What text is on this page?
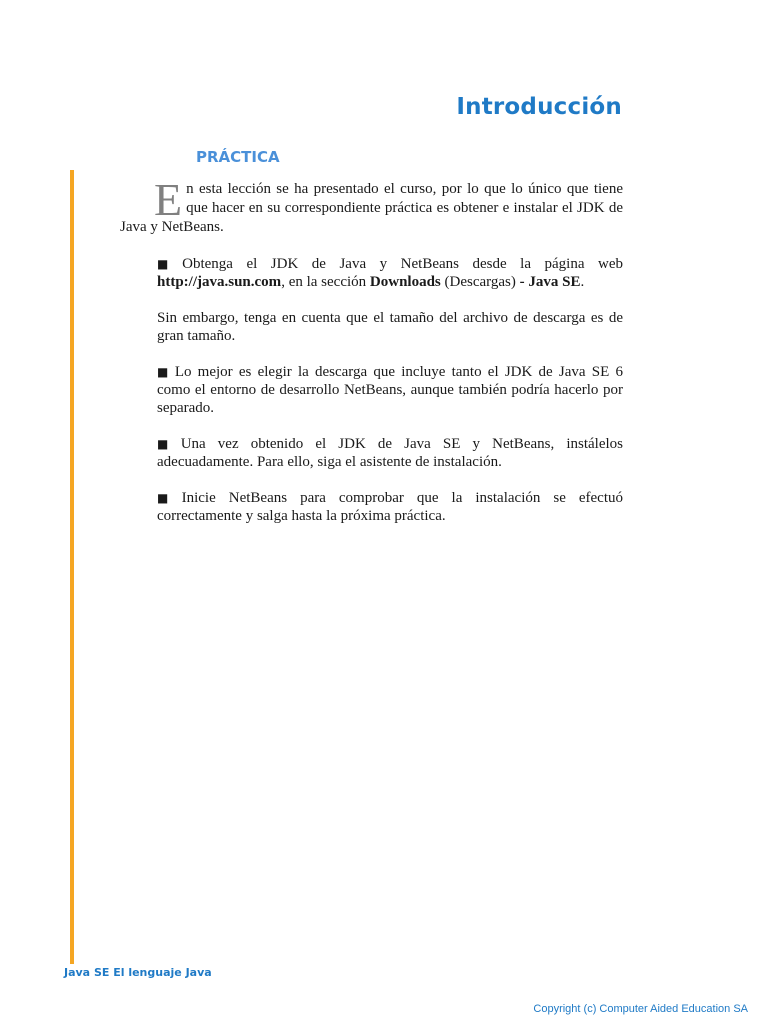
Introducción
PRÁCTICA
En esta lección se ha presentado el curso, por lo que lo único que tiene que hacer en su correspondiente práctica es obtener e instalar el JDK de Java y NetBeans.

■ Obtenga el JDK de Java y NetBeans desde la página web http://java.sun.com, en la sección Downloads (Descargas) - Java SE.

Sin embargo, tenga en cuenta que el tamaño del archivo de descarga es de gran tamaño.

■ Lo mejor es elegir la descarga que incluye tanto el JDK de Java SE 6 como el entorno de desarrollo NetBeans, aunque también podría hacerlo por separado.

■ Una vez obtenido el JDK de Java SE y NetBeans, instálelos adecuadamente. Para ello, siga el asistente de instalación.

■ Inicie NetBeans para comprobar que la instalación se efectuó correctamente y salga hasta la próxima práctica.

Java SE El lenguaje Java
Copyright (c) Computer Aided Education SA
